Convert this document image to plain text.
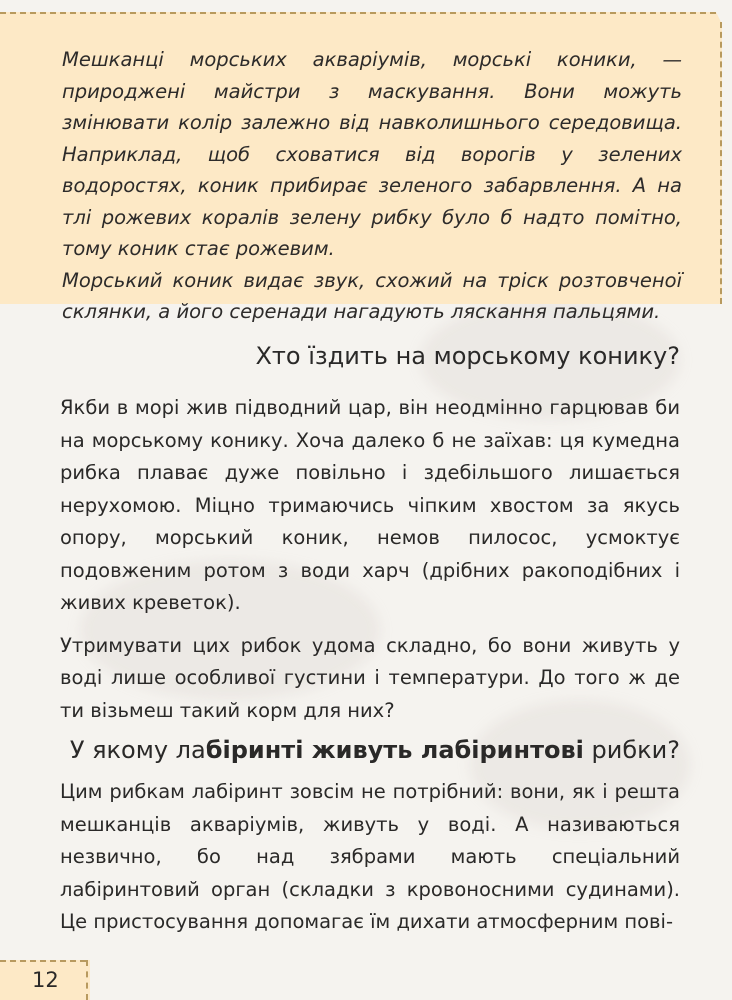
Мешканці морських акваріумів, морські коники, — природжені майстри з маскування. Вони можуть змінювати колір залежно від навколишнього середовища. Наприклад, щоб сховатися від ворогів у зелених водоростях, коник прибирає зеленого забарвлення. А на тлі рожевих коралів зелену рибку було б надто помітно, тому коник стає рожевим.

Морський коник видає звук, схожий на тріск розтовченої склянки, а його серенади нагадують ляскання пальцями.

Хто їздить на морському конику?

Якби в морі жив підводний цар, він неодмінно гарцював би на морському конику. Хоча далеко б не заїхав: ця кумедна рибка плаває дуже повільно і здебільшого лишається нерухомою. Міцно тримаючись чіпким хвостом за якусь опору, морський коник, немов пилосос, усмоктує подовженим ротом з води харч (дрібних ракоподібних і живих креветок).

Утримувати цих рибок удома складно, бо вони живуть у воді лише особливої густини і температури. До того ж де ти візьмеш такий корм для них?

У якому лабіринті живуть лабіринтові рибки?

Цим рибкам лабіринт зовсім не потрібний: вони, як і решта мешканців акваріумів, живуть у воді. А називаються незвично, бо над зябрами мають спеціальний лабіринтовий орган (складки з кровоносними судинами). Це пристосування допомагає їм дихати атмосферним пові-

12
